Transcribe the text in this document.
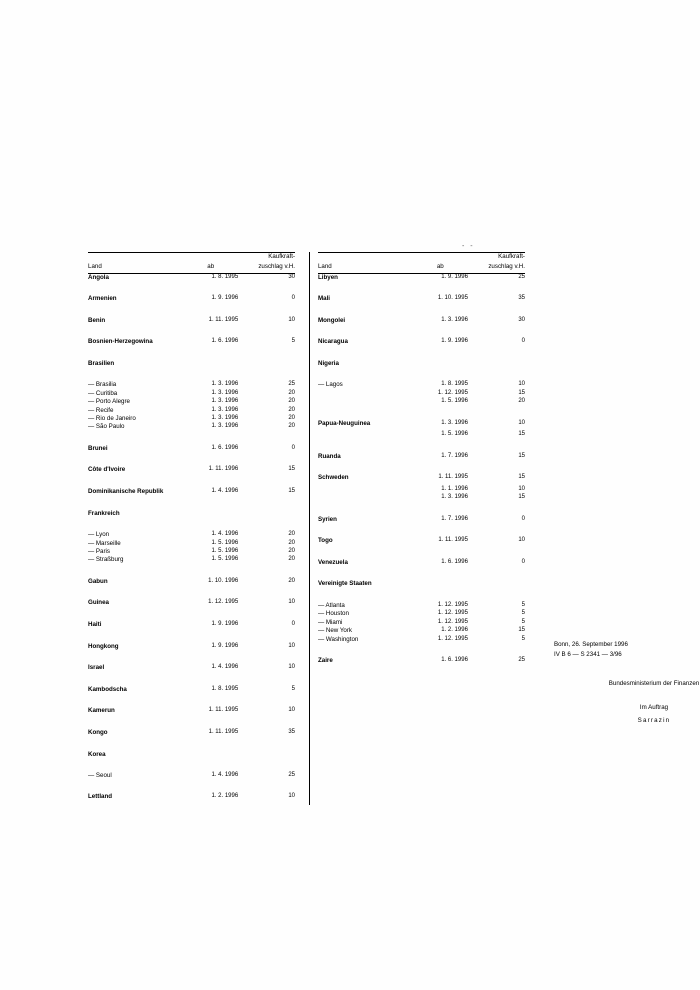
- -
		Kaufkraft-
Land	ab	zuschlag v.H.
Angola	1. 8. 1995	30

Armenien	1. 9. 1996	0

Benin	1. 11. 1995	10

Bosnien-Herzegowina	1. 6. 1996	5

Brasilien		

— Brasilia	1. 3. 1996	25
— Curitiba	1. 3. 1996	20
— Porto Alegre	1. 3. 1996	20
— Recife	1. 3. 1996	20
— Rio de Janeiro	1. 3. 1996	20
— São Paulo	1. 3. 1996	20

Brunei	1. 6. 1996	0

Côte d'Ivoire	1. 11. 1996	15

Dominikanische Republik	1. 4. 1996	15

Frankreich		

— Lyon	1. 4. 1996	20
— Marseille	1. 5. 1996	20
— Paris	1. 5. 1996	20
— Straßburg	1. 5. 1996	20

Gabun	1. 10. 1996	20

Guinea	1. 12. 1995	10

Haiti	1. 9. 1996	0

Hongkong	1. 9. 1996	10

Israel	1. 4. 1996	10

Kambodscha	1. 8. 1995	5

Kamerun	1. 11. 1995	10

Kongo	1. 11. 1995	35

Korea		

— Seoul	1. 4. 1996	25

Lettland	1. 2. 1996	10
		Kaufkraft-
Land	ab	zuschlag v.H.
Libyen	1. 9. 1996	25

Mali	1. 10. 1995	35

Mongolei	1. 3. 1996	30

Nicaragua	1. 9. 1996	0

Nigeria		

— Lagos	1. 8. 1995	10
	1. 12. 1995	15
	1. 5. 1996	20

Papua-Neuguinea	1. 3. 1996	10
	1. 5. 1996	15

Ruanda	1. 7. 1996	15

Schweden	1. 11. 1995	15
	1. 1. 1996	10
	1. 3. 1996	15

Syrien	1. 7. 1996	0

Togo	1. 11. 1995	10

Venezuela	1. 6. 1996	0

Vereinigte Staaten		

— Atlanta	1. 12. 1995	5
— Houston	1. 12. 1995	5
— Miami	1. 12. 1995	5
— New York	1. 2. 1996	15
— Washington	1. 12. 1995	5

Zaire	1. 6. 1996	25
Bonn, 26. September 1996
IV B 6 — S 2341 — 3/96
Bundesministerium der Finanzen
Im Auftrag
Sarrazin
